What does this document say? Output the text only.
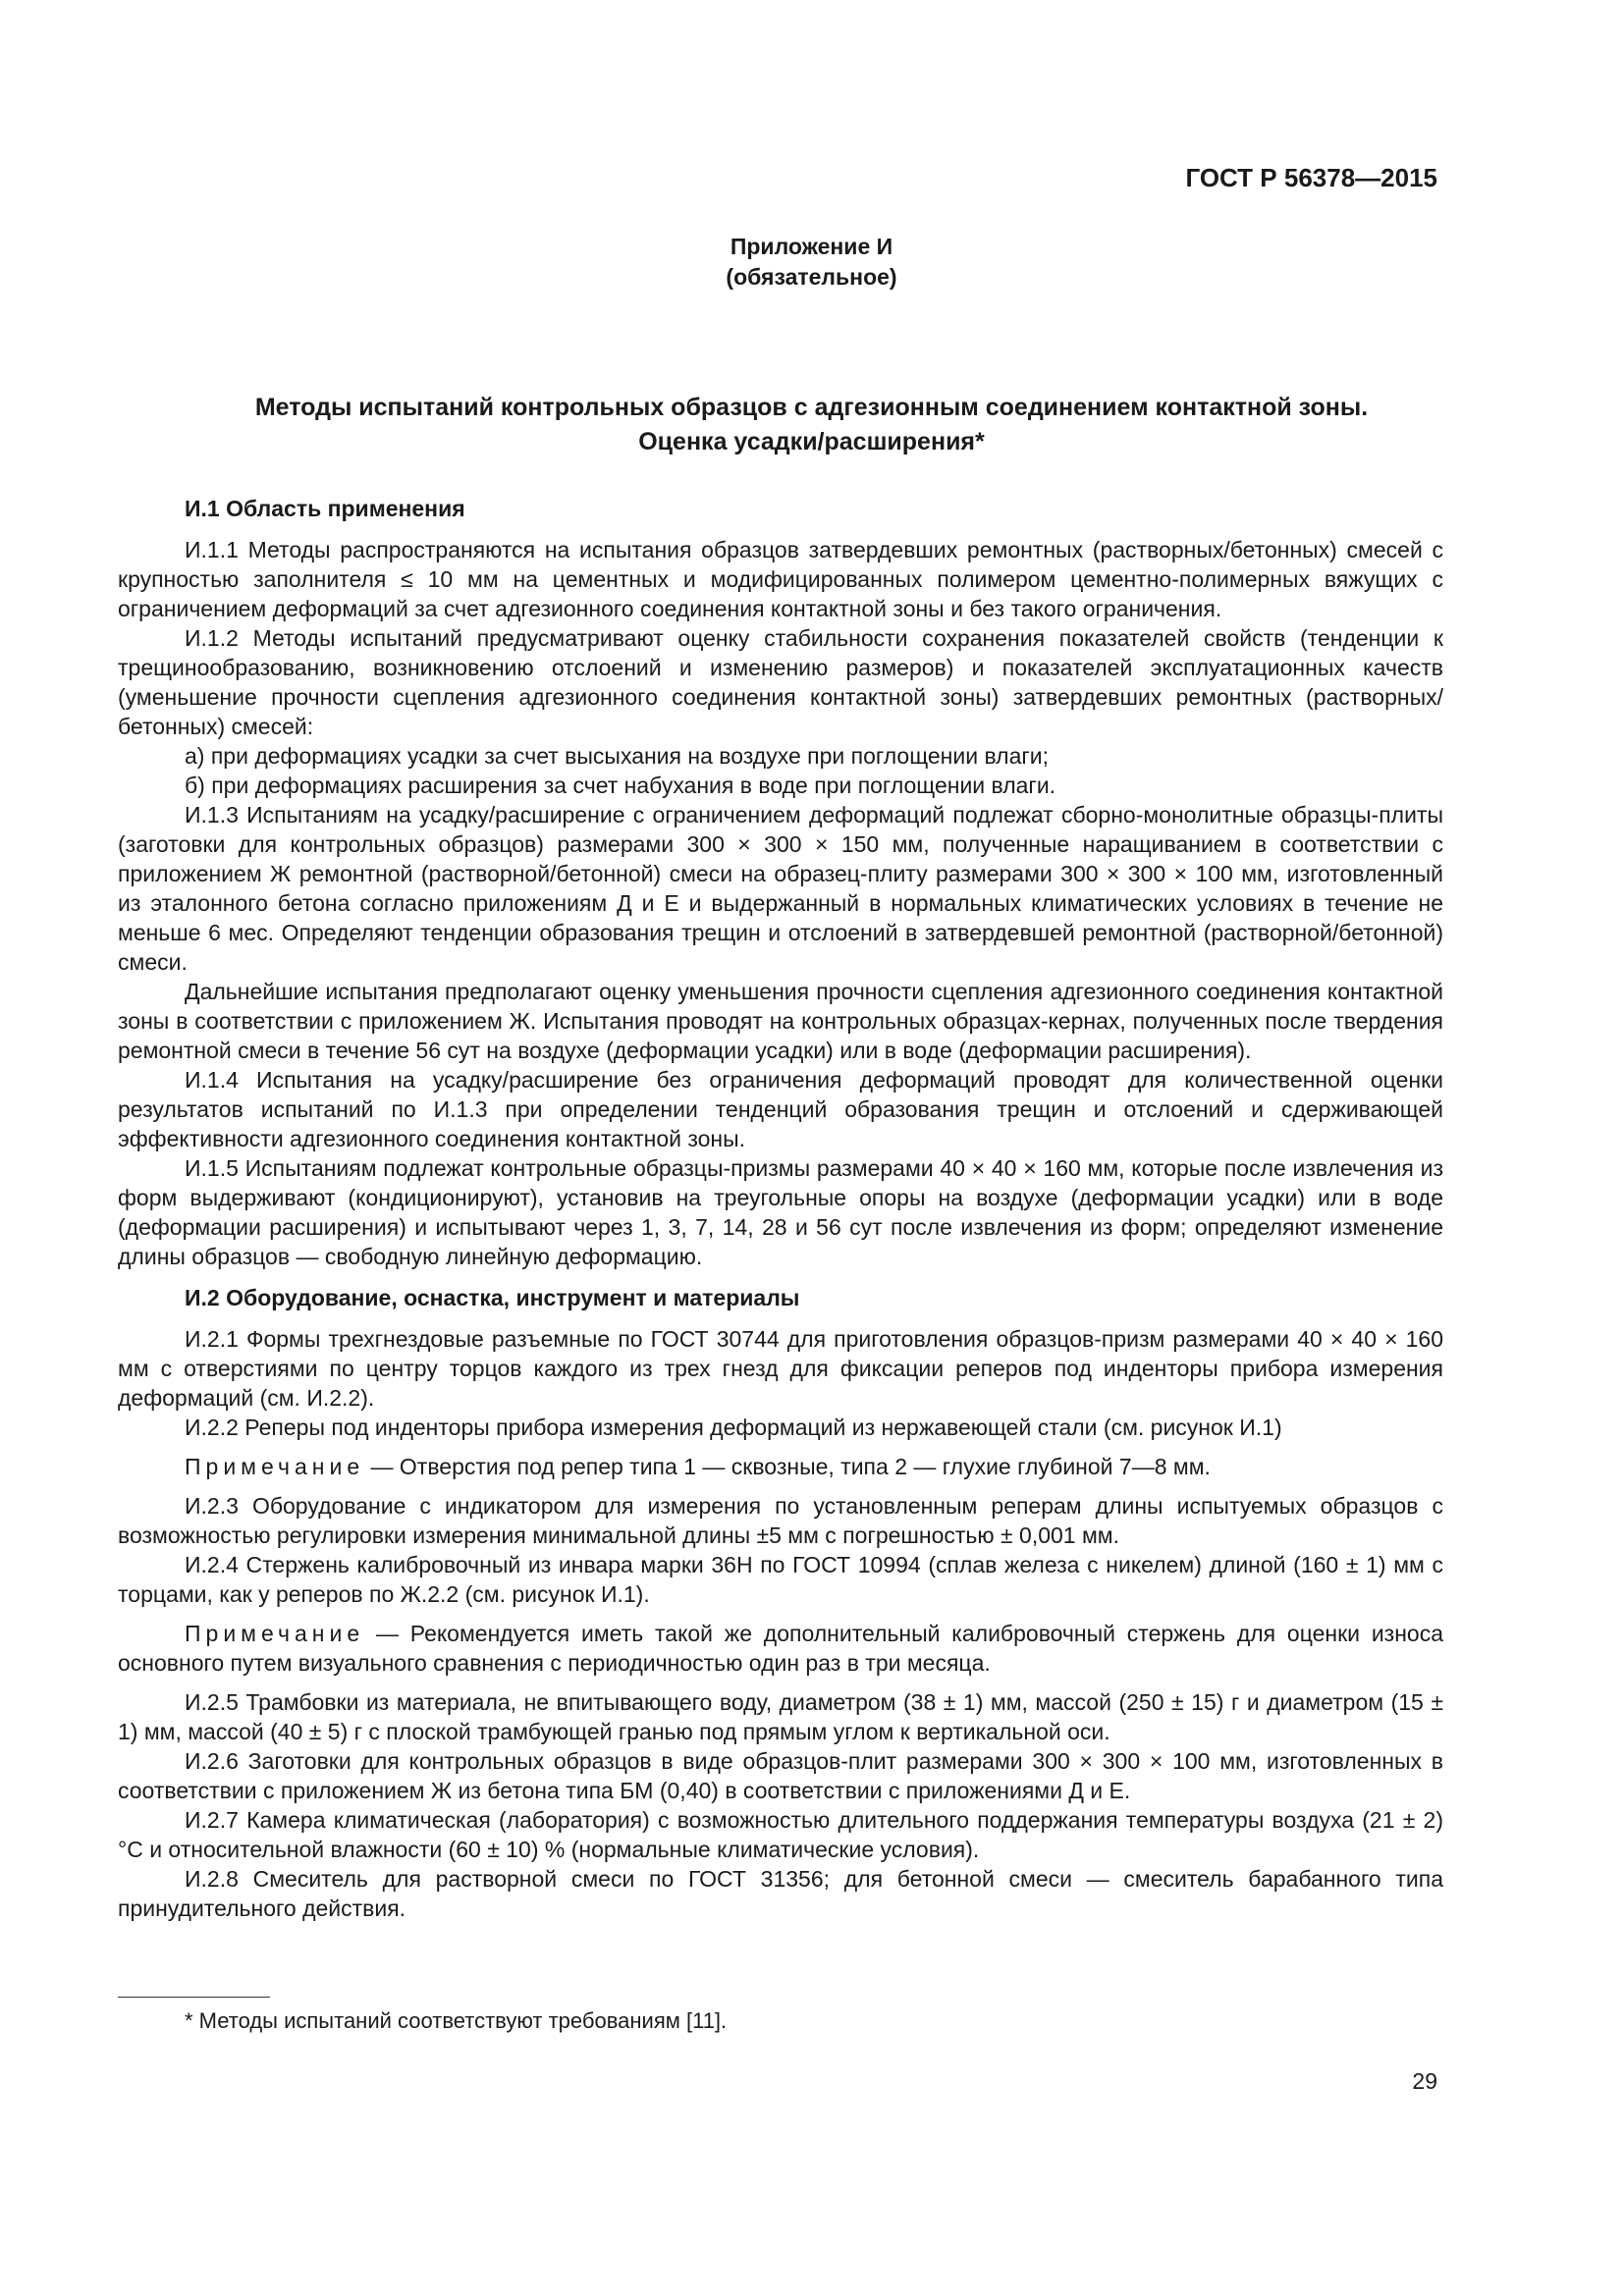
ГОСТ Р 56378—2015
Приложение И
(обязательное)
Методы испытаний контрольных образцов с адгезионным соединением контактной зоны.
Оценка усадки/расширения*
И.1 Область применения

И.1.1 Методы распространяются на испытания образцов затвердевших ремонтных (растворных/бетонных) смесей с крупностью заполнителя ≤ 10 мм на цементных и модифицированных полимером цементно-полимерных вяжущих с ограничением деформаций за счет адгезионного соединения контактной зоны и без такого ограничения.

И.1.2 Методы испытаний предусматривают оценку стабильности сохранения показателей свойств (тенденции к трещинообразованию, возникновению отслоений и изменению размеров) и показателей эксплуатационных качеств (уменьшение прочности сцепления адгезионного соединения контактной зоны) затвердевших ремонтных (растворных/бетонных) смесей:

а) при деформациях усадки за счет высыхания на воздухе при поглощении влаги;

б) при деформациях расширения за счет набухания в воде при поглощении влаги.

И.1.3 Испытаниям на усадку/расширение с ограничением деформаций подлежат сборно-монолитные образцы-плиты (заготовки для контрольных образцов) размерами 300 × 300 × 150 мм, полученные наращиванием в соответствии с приложением Ж ремонтной (растворной/бетонной) смеси на образец-плиту размерами 300 × 300 × 100 мм, изготовленный из эталонного бетона согласно приложениям Д и Е и выдержанный в нормальных климатических условиях в течение не меньше 6 мес. Определяют тенденции образования трещин и отслоений в затвердевшей ремонтной (растворной/бетонной) смеси.

Дальнейшие испытания предполагают оценку уменьшения прочности сцепления адгезионного соединения контактной зоны в соответствии с приложением Ж. Испытания проводят на контрольных образцах-кернах, полученных после твердения ремонтной смеси в течение 56 сут на воздухе (деформации усадки) или в воде (деформации расширения).

И.1.4 Испытания на усадку/расширение без ограничения деформаций проводят для количественной оценки результатов испытаний по И.1.3 при определении тенденций образования трещин и отслоений и сдерживающей эффективности адгезионного соединения контактной зоны.

И.1.5 Испытаниям подлежат контрольные образцы-призмы размерами 40 × 40 × 160 мм, которые после извлечения из форм выдерживают (кондиционируют), установив на треугольные опоры на воздухе (деформации усадки) или в воде (деформации расширения) и испытывают через 1, 3, 7, 14, 28 и 56 сут после извлечения из форм; определяют изменение длины образцов — свободную линейную деформацию.

И.2 Оборудование, оснастка, инструмент и материалы

И.2.1 Формы трехгнездовые разъемные по ГОСТ 30744 для приготовления образцов-призм размерами 40 × 40 × 160 мм с отверстиями по центру торцов каждого из трех гнезд для фиксации реперов под инденторы прибора измерения деформаций (см. И.2.2).

И.2.2 Реперы под инденторы прибора измерения деформаций из нержавеющей стали (см. рисунок И.1)

Примечание — Отверстия под репер типа 1 — сквозные, типа 2 — глухие глубиной 7—8 мм.

И.2.3 Оборудование с индикатором для измерения по установленным реперам длины испытуемых образцов с возможностью регулировки измерения минимальной длины ±5 мм с погрешностью ± 0,001 мм.

И.2.4 Стержень калибровочный из инвара марки 36Н по ГОСТ 10994 (сплав железа с никелем) длиной (160 ± 1) мм с торцами, как у реперов по Ж.2.2 (см. рисунок И.1).

Примечание — Рекомендуется иметь такой же дополнительный калибровочный стержень для оценки износа основного путем визуального сравнения с периодичностью один раз в три месяца.

И.2.5 Трамбовки из материала, не впитывающего воду, диаметром (38 ± 1) мм, массой (250 ± 15) г и диаметром (15 ± 1) мм, массой (40 ± 5) г с плоской трамбующей гранью под прямым углом к вертикальной оси.

И.2.6 Заготовки для контрольных образцов в виде образцов-плит размерами 300 × 300 × 100 мм, изготовленных в соответствии с приложением Ж из бетона типа БМ (0,40) в соответствии с приложениями Д и Е.

И.2.7 Камера климатическая (лаборатория) с возможностью длительного поддержания температуры воздуха (21 ± 2) °С и относительной влажности (60 ± 10) % (нормальные климатические условия).

И.2.8 Смеситель для растворной смеси по ГОСТ 31356; для бетонной смеси — смеситель барабанного типа принудительного действия.

* Методы испытаний соответствуют требованиям [11].
29
